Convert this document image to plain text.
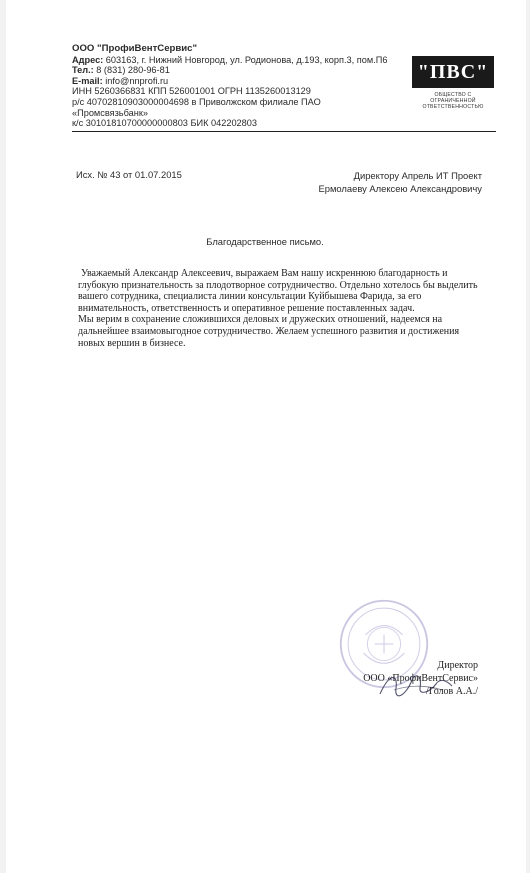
ООО "ПрофиВентСервис"
Адрес: 603163, г. Нижний Новгород, ул. Родионова, д.193, корп.3, пом.П6
Тел.: 8 (831) 280-96-81
E-mail: info@nnprofi.ru
ИНН 5260366831 КПП 526001001 ОГРН 1135260013129
р/с 40702810903000004698 в Приволжском филиале ПАО
«Промсвязьбанк»
к/с 30101810700000000803 БИК 042202803
"ПВС"
ОБЩЕСТВО С ОГРАНИЧЕННОЙ
ОТВЕТСТВЕННОСТЬЮ
Исх. № 43 от 01.07.2015	Директору Апрель ИТ Проект
Ермолаеву Алексею Александровичу
Благодарственное письмо.

Уважаемый Александр Алексеевич, выражаем Вам нашу искреннюю благодарность и глубокую признательность за плодотворное сотрудничество. Отдельно хотелось бы выделить вашего сотрудника, специалиста линии консультации Куйбышева Фарида, за его внимательность, ответственность и оперативное решение поставленных задач.

Мы верим в сохранение сложившихся деловых и дружеских отношений, надеемся на дальнейшее взаимовыгодное сотрудничество. Желаем успешного развития и достижения новых вершин в бизнесе.

Директор
ООО «ПрофиВентСервис»
/Голов А.А./
